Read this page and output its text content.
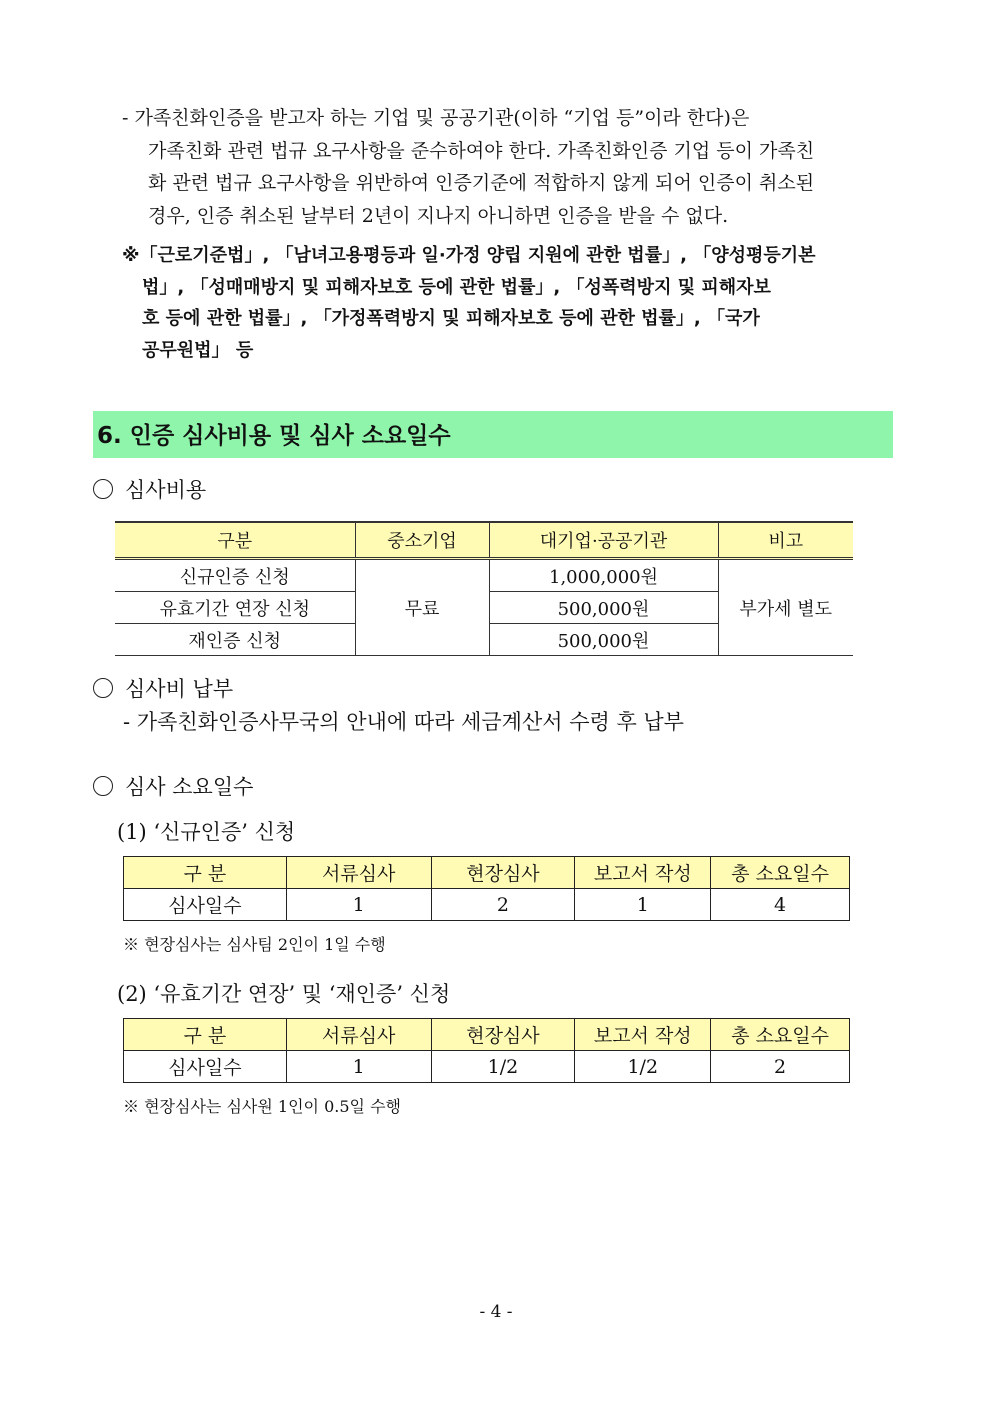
- 가족친화인증을 받고자 하는 기업 및 공공기관(이하 “기업 등”이라 한다)은
가족친화 관련 법규 요구사항을 준수하여야 한다. 가족친화인증 기업 등이 가족친
화 관련 법규 요구사항을 위반하여 인증기준에 적합하지 않게 되어 인증이 취소된
경우, 인증 취소된 날부터 2년이 지나지 아니하면 인증을 받을 수 없다.
※「근로기준법」, 「남녀고용평등과 일·가정 양립 지원에 관한 법률」, 「양성평등기본
법」, 「성매매방지 및 피해자보호 등에 관한 법률」, 「성폭력방지 및 피해자보
호 등에 관한 법률」, 「가정폭력방지 및 피해자보호 등에 관한 법률」, 「국가
공무원법」 등
6. 인증 심사비용 및 심사 소요일수
심사비용
구분	중소기업	대기업·공공기관	비고
신규인증 신청	무료	1,000,000원	부가세 별도
유효기간 연장 신청		500,000원	
재인증 신청		500,000원	
심사비 납부
- 가족친화인증사무국의 안내에 따라 세금계산서 수령 후 납부
심사 소요일수
(1) ‘신규인증’ 신청
구 분	서류심사	현장심사	보고서 작성	총 소요일수
심사일수	1	2	1	4
※ 현장심사는 심사팀 2인이 1일 수행
(2) ‘유효기간 연장’ 및 ‘재인증’ 신청
구 분	서류심사	현장심사	보고서 작성	총 소요일수
심사일수	1	1/2	1/2	2
※ 현장심사는 심사원 1인이 0.5일 수행
- 4 -
